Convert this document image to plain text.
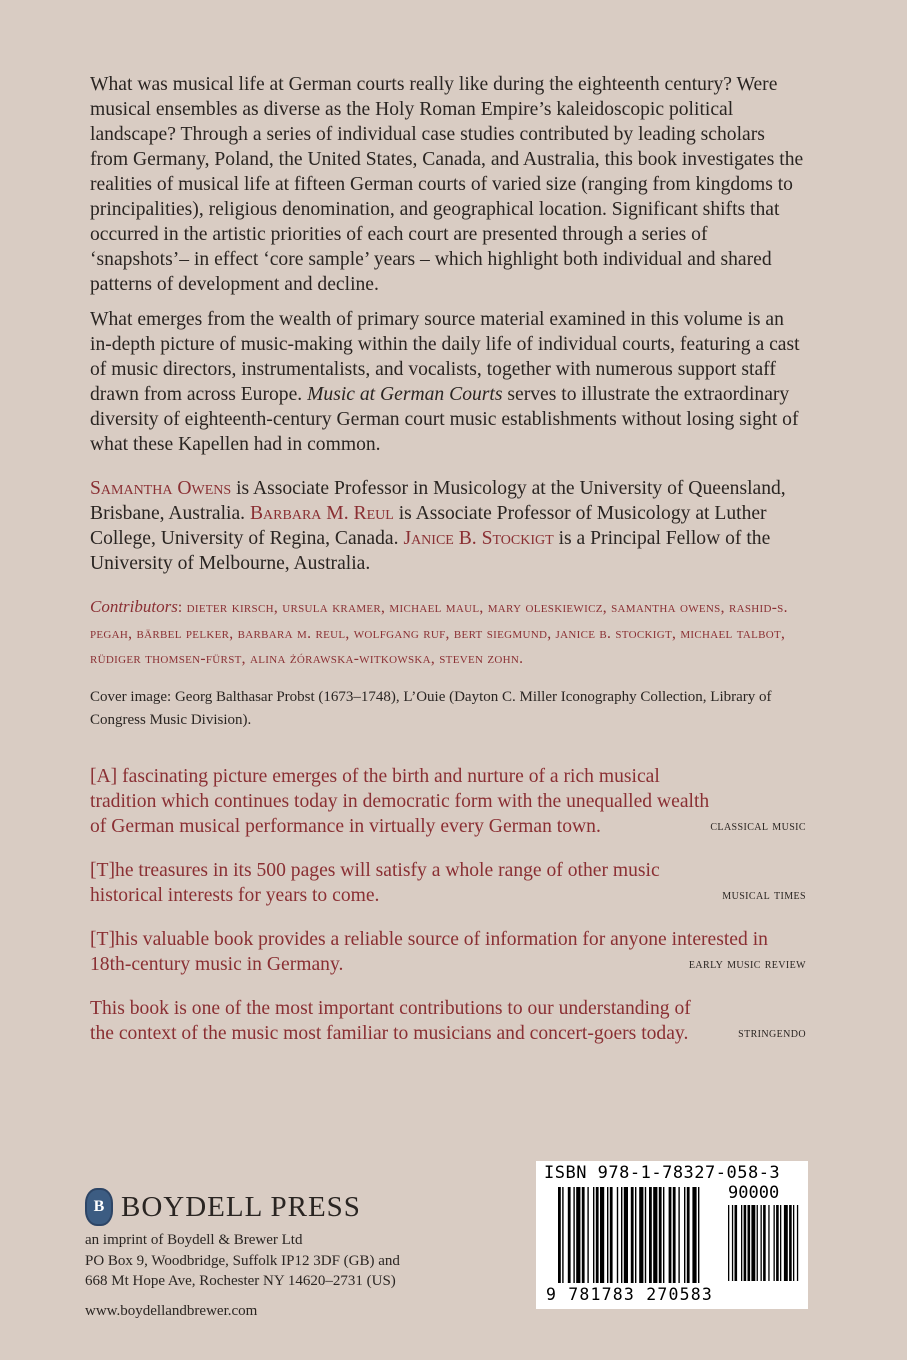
What was musical life at German courts really like during the eighteenth century? Were musical ensembles as diverse as the Holy Roman Empire’s kaleidoscopic political landscape? Through a series of individual case studies contributed by leading scholars from Germany, Poland, the United States, Canada, and Australia, this book investigates the realities of musical life at fifteen German courts of varied size (ranging from kingdoms to principalities), religious denomination, and geographical location. Significant shifts that occurred in the artistic priorities of each court are presented through a series of ‘snapshots’– in effect ‘core sample’ years – which highlight both individual and shared patterns of development and decline.

What emerges from the wealth of primary source material examined in this volume is an in-depth picture of music-making within the daily life of individual courts, featuring a cast of music directors, instrumentalists, and vocalists, together with numerous support staff drawn from across Europe. Music at German Courts serves to illustrate the extraordinary diversity of eighteenth-century German court music establishments without losing sight of what these Kapellen had in common.

Samantha Owens is Associate Professor in Musicology at the University of Queensland, Brisbane, Australia. Barbara M. Reul is Associate Professor of Musicology at Luther College, University of Regina, Canada. Janice B. Stockigt is a Principal Fellow of the University of Melbourne, Australia.

Contributors: dieter kirsch, ursula kramer, michael maul, mary oleskiewicz, samantha owens, rashid-s. pegah, bärbel pelker, barbara m. reul, wolfgang ruf, bert siegmund, janice b. stockigt, michael talbot, rüdiger thomsen-fürst, alina żórawska-witkowska, steven zohn.

Cover image: Georg Balthasar Probst (1673–1748), L’Ouie (Dayton C. Miller Iconography Collection, Library of Congress Music Division).

[A] fascinating picture emerges of the birth and nurture of a rich musical tradition which continues today in democratic form with the unequalled wealth of German musical performance in virtually every German town.	classical music
[T]he treasures in its 500 pages will satisfy a whole range of other music historical interests for years to come.	musical times
[T]his valuable book provides a reliable source of information for anyone interested in 18th-century music in Germany.	early music review
This book is one of the most important contributions to our understanding of the context of the music most familiar to musicians and concert-goers today.	stringendo
B BOYDELL PRESS
an imprint of Boydell & Brewer Ltd
PO Box 9, Woodbridge, Suffolk IP12 3DF (GB) and
668 Mt Hope Ave, Rochester NY 14620–2731 (US)
www.boydellandbrewer.com
ISBN 978-1-78327-058-3
90000
9 781783 270583
